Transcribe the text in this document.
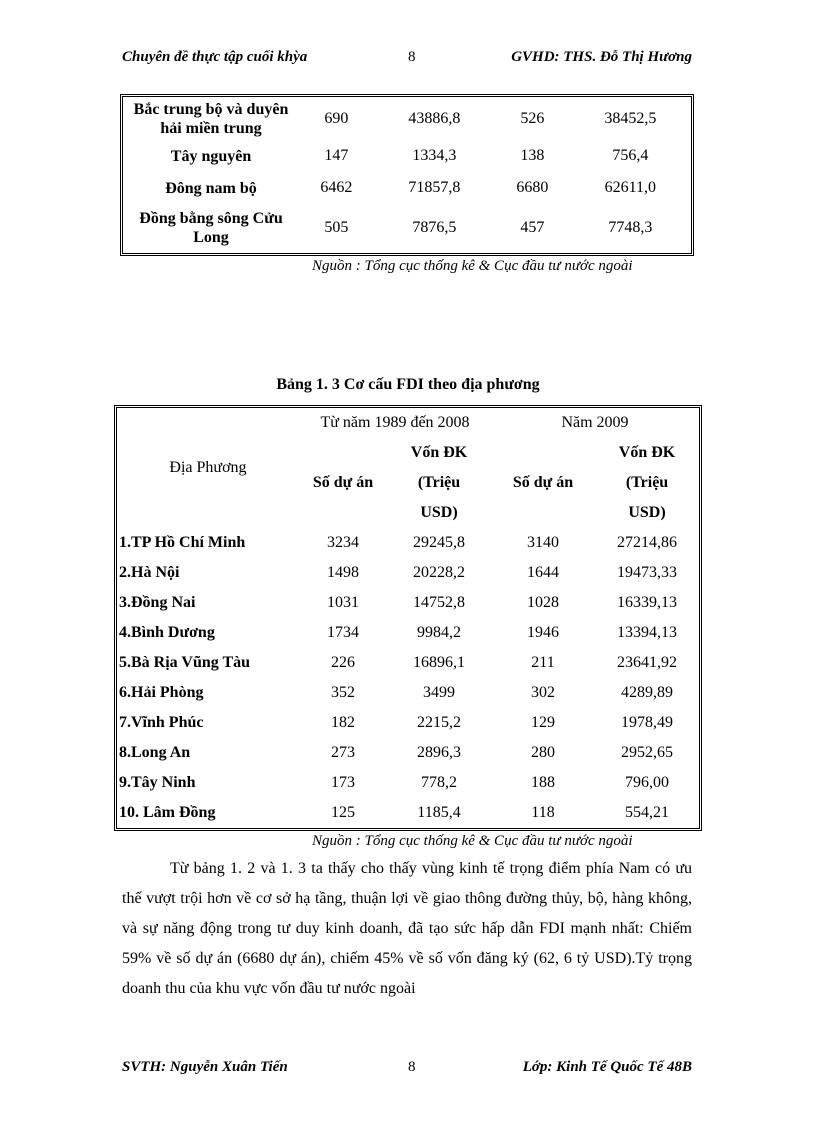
Chuyên đề thực tập cuối khỳa	8	GVHD: THS. Đỗ Thị Hương
Bắc trung bộ và duyên hải miền trung	690	43886,8	526	38452,5
Tây nguyên	147	1334,3	138	756,4
Đông nam bộ	6462	71857,8	6680	62611,0
Đồng bằng sông Cửu Long	505	7876,5	457	7748,3
Nguồn : Tổng cục thống kê & Cục đầu tư nước ngoài
Bảng 1. 3 Cơ cấu FDI theo địa phương
Địa Phương	Từ năm 1989 đến 2008		Năm 2009	
	Số dự án	Vốn ĐK	Số dự án	Vốn ĐK
		(Triệu		(Triệu
		USD)		USD)
1.TP Hồ Chí Minh	3234	29245,8	3140	27214,86
2.Hà Nội	1498	20228,2	1644	19473,33
3.Đồng Nai	1031	14752,8	1028	16339,13
4.Bình Dương	1734	9984,2	1946	13394,13
5.Bà Rịa Vũng Tàu	226	16896,1	211	23641,92
6.Hải Phòng	352	3499	302	4289,89
7.Vĩnh Phúc	182	2215,2	129	1978,49
8.Long An	273	2896,3	280	2952,65
9.Tây Ninh	173	778,2	188	796,00
10. Lâm Đồng	125	1185,4	118	554,21
Nguồn : Tổng cục thống kê & Cục đầu tư nước ngoài

Từ bảng 1. 2 và 1. 3 ta thấy cho thấy vùng kinh tế trọng điểm phía Nam có ưu thế vượt trội hơn về cơ sở hạ tầng, thuận lợi về giao thông đường thủy, bộ, hàng không, và sự năng động trong tư duy kinh doanh, đã tạo sức hấp dẫn FDI mạnh nhất: Chiếm 59% về số dự án (6680 dự án), chiếm 45% về số vốn đăng ký (62, 6 tỷ USD).Tỷ trọng doanh thu của khu vực vốn đầu tư nước ngoài

SVTH: Nguyễn Xuân Tiến	8	Lớp: Kinh Tế Quốc Tế 48B
